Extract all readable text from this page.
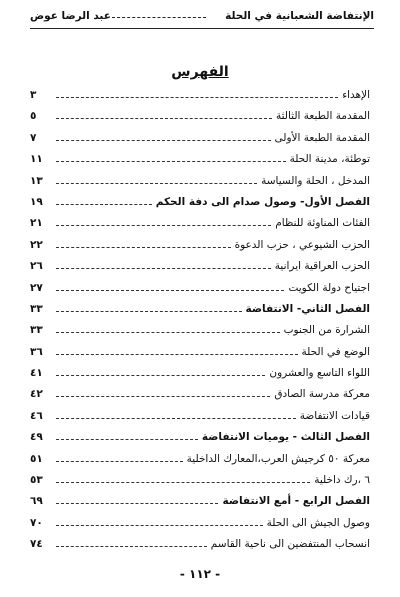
الإنتفاضة الشعبانية في الحلة
عبد الرضا عوض
الفهرس
الإهداء
٣
المقدمة الطبعة الثالثة
٥
المقدمة الطبعة الأولى
٧
توطئة، مدينة الحلة
١١
المدخل ، الحلة والسياسة
١٣
الفصل الأول- وصول صدام الى دفة الحكم
١٩
الفئات المناوئة للنظام
٢١
الحزب الشيوعي ، حزب الدعوة
٢٢
الحزب العراقية ايرانية
٢٦
اجتياح دولة الكويت
٢٧
الفصل الثاني- الانتفاضة
٣٣
الشرارة من الجنوب
٣٣
الوضع في الحلة
٣٦
اللواء التاسع والعشرون
٤١
معركة مدرسة الصادق
٤٢
قيادات الانتفاضة
٤٦
الفصل الثالث - يوميات الانتفاضة
٤٩
معركة ٥٠ كرجيش العرب،المعارك الداخلية
٥١
٦ ،رك داخلية
٥٣
الفصل الرابع - أمع الانتفاضة
٦٩
وصول الجيش الى الحلة
٧٠
انسحاب المنتفضين الى ناحية القاسم
٧٤
- ١١٢ -
